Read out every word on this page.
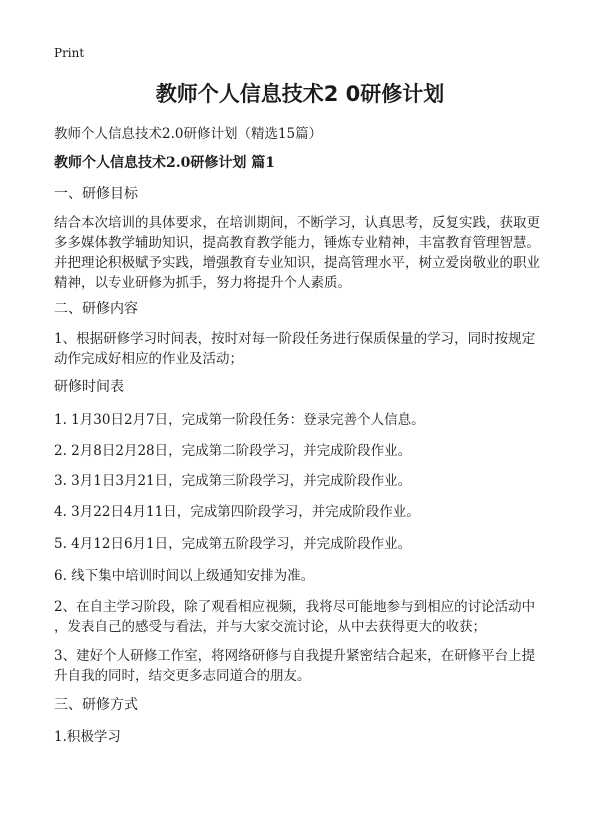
Print
教师个人信息技术2 0研修计划
教师个人信息技术2.0研修计划（精选15篇）
教师个人信息技术2.0研修计划 篇1
一、研修目标
结合本次培训的具体要求，在培训期间，不断学习，认真思考，反复实践，获取更
多多媒体教学辅助知识，提高教育教学能力，锤炼专业精神，丰富教育管理智慧。
并把理论积极赋予实践，增强教育专业知识，提高管理水平，树立爱岗敬业的职业
精神，以专业研修为抓手，努力将提升个人素质。
二、研修内容
1、根据研修学习时间表，按时对每一阶段任务进行保质保量的学习，同时按规定
动作完成好相应的作业及活动；
研修时间表
1. 1月30日2月7日，完成第一阶段任务：登录完善个人信息。
2. 2月8日2月28日，完成第二阶段学习，并完成阶段作业。
3. 3月1日3月21日，完成第三阶段学习，并完成阶段作业。
4. 3月22日4月11日，完成第四阶段学习，并完成阶段作业。
5. 4月12日6月1日，完成第五阶段学习，并完成阶段作业。
6. 线下集中培训时间以上级通知安排为准。
2、在自主学习阶段，除了观看相应视频，我将尽可能地参与到相应的讨论活动中
，发表自己的感受与看法，并与大家交流讨论，从中去获得更大的收获；
3、建好个人研修工作室，将网络研修与自我提升紧密结合起来，在研修平台上提
升自我的同时，结交更多志同道合的朋友。
三、研修方式
1.积极学习
